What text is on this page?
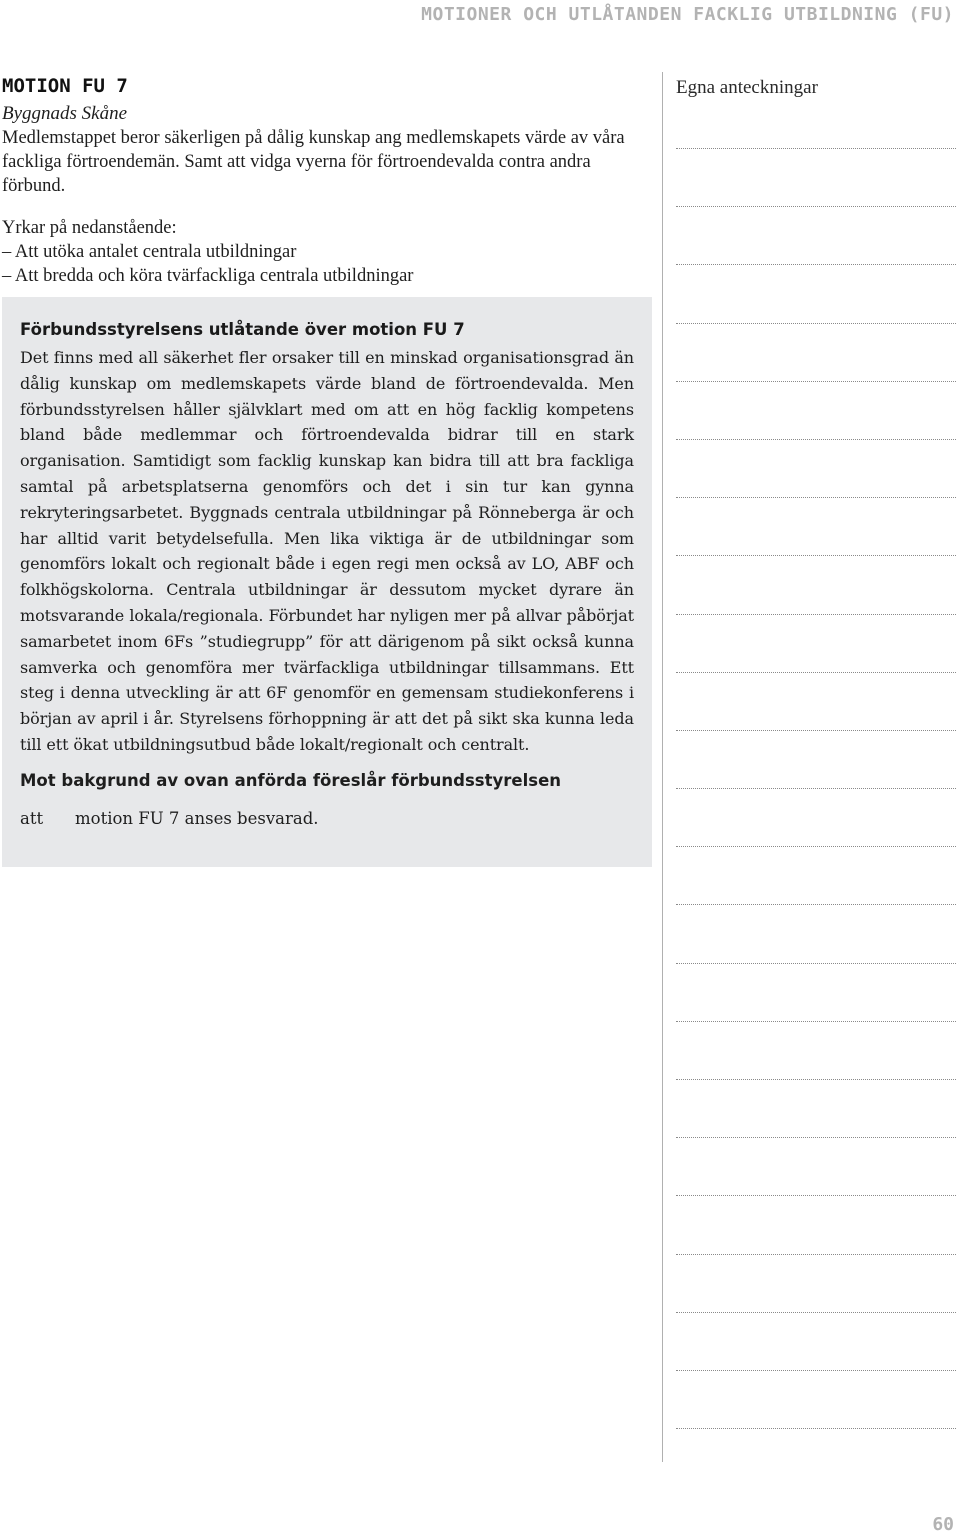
MOTIONER OCH UTLÅTANDEN FACKLIG UTBILDNING (FU)
MOTION FU 7
Byggnads Skåne

Medlemstappet beror säkerligen på dålig kunskap ang medlemskapets värde av våra fackliga förtroendemän. Samt att vidga vyerna för förtroendevalda contra andra förbund.

Yrkar på nedanstående:

– Att utöka antalet centrala utbildningar

– Att bredda och köra tvärfackliga centrala utbildningar

Förbundsstyrelsens utlåtande över motion FU 7

Det finns med all säkerhet fler orsaker till en minskad organisationsgrad än dålig kunskap om medlemskapets värde bland de förtroendevalda. Men förbundsstyrelsen håller självklart med om att en hög facklig kompetens bland både medlemmar och förtroendevalda bidrar till en stark organisation. Samtidigt som facklig kunskap kan bidra till att bra fackliga samtal på arbetsplatserna genomförs och det i sin tur kan gynna rekryteringsarbetet. Byggnads centrala utbildningar på Rönneberga är och har alltid varit betydelsefulla. Men lika viktiga är de utbildningar som genomförs lokalt och regionalt både i egen regi men också av LO, ABF och folkhögskolorna. Centrala utbildningar är dessutom mycket dyrare än motsvarande lokala/regionala. Förbundet har nyligen mer på allvar påbörjat samarbetet inom 6Fs ”studiegrupp” för att därigenom på sikt också kunna samverka och genomföra mer tvärfackliga utbildningar tillsammans. Ett steg i denna utveckling är att 6F genomför en gemensam studiekonferens i början av april i år. Styrelsens förhoppning är att det på sikt ska kunna leda till ett ökat utbildningsutbud både lokalt/regionalt och centralt.

Mot bakgrund av ovan anförda föreslår förbundsstyrelsen
att	motion FU 7 anses besvarad.
Egna anteckningar
60
